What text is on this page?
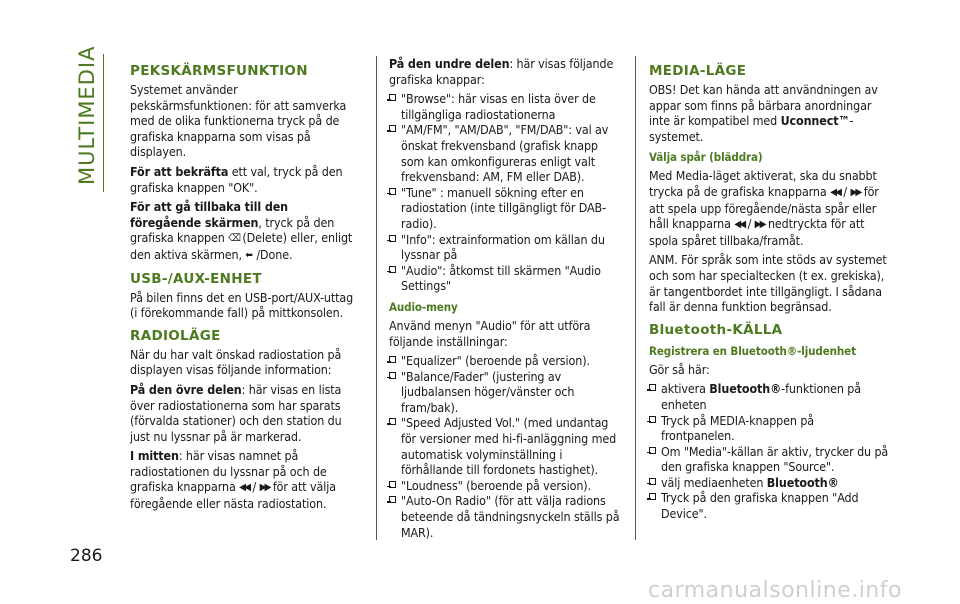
MULTIMEDIA PEKSKÄRMSFUNKTION

Systemet använder pekskärmsfunktionen: för att samverka med de olika funktionerna tryck på de grafiska knapparna som visas på displayen.

För att bekräfta ett val, tryck på den grafiska knappen "OK".

För att gå tillbaka till den föregående skärmen, tryck på den grafiska knappen ⌫ (Delete) eller, enligt den aktiva skärmen, ⬅ /Done.

USB-/AUX-ENHET

På bilen finns det en USB-port/AUX-uttag (i förekommande fall) på mittkonsolen.

RADIOLÄGE

När du har valt önskad radiostation på displayen visas följande information:

På den övre delen: här visas en lista över radiostationerna som har sparats (förvalda stationer) och den station du just nu lyssnar på är markerad.

I mitten: här visas namnet på radiostationen du lyssnar på och de grafiska knapparna ◀◀ / ▶▶ för att välja föregående eller nästa radiostation.

På den undre delen: här visas följande grafiska knappar:

"Browse": här visas en lista över de tillgängliga radiostationerna
"AM/FM", "AM/DAB", "FM/DAB": val av önskat frekvensband (grafisk knapp som kan omkonfigureras enligt valt frekvensband: AM, FM eller DAB).
"Tune" : manuell sökning efter en radiostation (inte tillgängligt för DAB-radio).
"Info": extrainformation om källan du lyssnar på
"Audio": åtkomst till skärmen "Audio Settings"
Audio-meny

Använd menyn "Audio" för att utföra följande inställningar:

"Equalizer" (beroende på version).
"Balance/Fader" (justering av ljudbalansen höger/vänster och fram/bak).
"Speed Adjusted Vol." (med undantag för versioner med hi-fi-anläggning med automatisk volyminställning i förhållande till fordonets hastighet).
"Loudness" (beroende på version).
"Auto-On Radio" (för att välja radions beteende då tändningsnyckeln ställs på MAR).
MEDIA-LÄGE

OBS! Det kan hända att användningen av appar som finns på bärbara anordningar inte är kompatibel med Uconnect™-systemet.

Välja spår (bläddra)

Med Media-läget aktiverat, ska du snabbt trycka på de grafiska knapparna ◀◀ / ▶▶ för att spela upp föregående/nästa spår eller håll knapparna ◀◀ / ▶▶ nedtryckta för att spola spåret tillbaka/framåt.

ANM. För språk som inte stöds av systemet och som har specialtecken (t ex. grekiska), är tangentbordet inte tillgängligt. I sådana fall är denna funktion begränsad.

Bluetooth-KÄLLA
Registrera en Bluetooth®-ljudenhet

Gör så här:

aktivera Bluetooth®-funktionen på enheten
Tryck på MEDIA-knappen på frontpanelen.
Om "Media"-källan är aktiv, trycker du på den grafiska knappen "Source".
välj mediaenheten Bluetooth®
Tryck på den grafiska knappen "Add Device".
286
carmanualsonline.info
